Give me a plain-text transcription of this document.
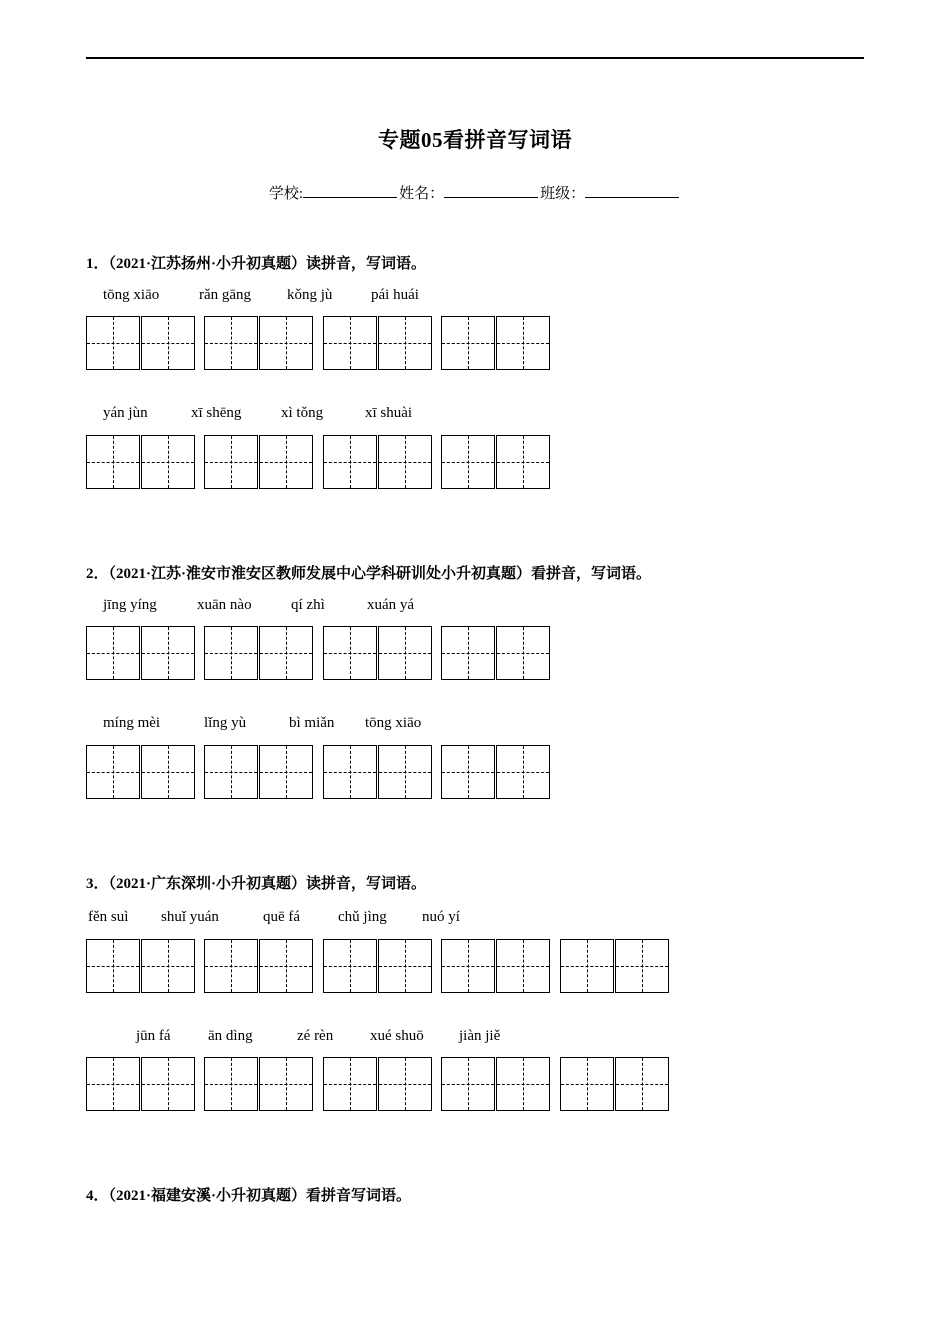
专题05看拼音写词语
学校:	姓名：	班级：
1．（2021·江苏扬州·小升初真题）读拼音，写词语。
tōng xiāo	rǎn gāng kǒng jù	pái huái
yán jùn	xī shēng	xì tǒng	xī shuài
2．（2021·江苏·淮安市淮安区教师发展中心学科研训处小升初真题）看拼音，写词语。
jīng yíng	xuān nào	qí zhì	xuán yá
míng mèi	lǐng yù	bì miǎn tōng xiāo
3．（2021·广东深圳·小升初真题）读拼音，写词语。
fěn suì shuǐ yuán	quē fá	chǔ jìng nuó yí
jūn fá ān dìng	zé rèn xué shuō jiàn jiě
4．（2021·福建安溪·小升初真题）看拼音写词语。
